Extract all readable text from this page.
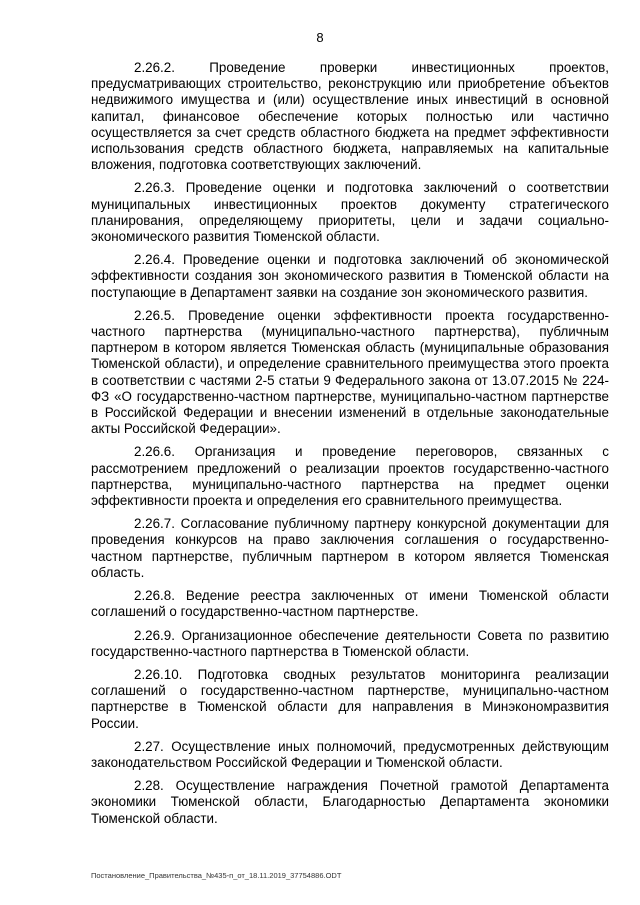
8

2.26.2. Проведение проверки инвестиционных проектов, предусматривающих строительство, реконструкцию или приобретение объектов недвижимого имущества и (или) осуществление иных инвестиций в основной капитал, финансовое обеспечение которых полностью или частично осуществляется за счет средств областного бюджета на предмет эффективности использования средств областного бюджета, направляемых на капитальные вложения, подготовка соответствующих заключений.

2.26.3. Проведение оценки и подготовка заключений о соответствии муниципальных инвестиционных проектов документу стратегического планирования, определяющему приоритеты, цели и задачи социально-экономического развития Тюменской области.

2.26.4. Проведение оценки и подготовка заключений об экономической эффективности создания зон экономического развития в Тюменской области на поступающие в Департамент заявки на создание зон экономического развития.

2.26.5. Проведение оценки эффективности проекта государственно-частного партнерства (муниципально-частного партнерства), публичным партнером в котором является Тюменская область (муниципальные образования Тюменской области), и определение сравнительного преимущества этого проекта в соответствии с частями 2-5 статьи 9 Федерального закона от 13.07.2015 № 224-ФЗ «О государственно-частном партнерстве, муниципально-частном партнерстве в Российской Федерации и внесении изменений в отдельные законодательные акты Российской Федерации».

2.26.6. Организация и проведение переговоров, связанных с рассмотрением предложений о реализации проектов государственно-частного партнерства, муниципально-частного партнерства на предмет оценки эффективности проекта и определения его сравнительного преимущества.

2.26.7. Согласование публичному партнеру конкурсной документации для проведения конкурсов на право заключения соглашения о государственно-частном партнерстве, публичным партнером в котором является Тюменская область.

2.26.8. Ведение реестра заключенных от имени Тюменской области соглашений о государственно-частном партнерстве.

2.26.9. Организационное обеспечение деятельности Совета по развитию государственно-частного партнерства в Тюменской области.

2.26.10. Подготовка сводных результатов мониторинга реализации соглашений о государственно-частном партнерстве, муниципально-частном партнерстве в Тюменской области для направления в Минэкономразвития России.

2.27. Осуществление иных полномочий, предусмотренных действующим законодательством Российской Федерации и Тюменской области.

2.28. Осуществление награждения Почетной грамотой Департамента экономики Тюменской области, Благодарностью Департамента экономики Тюменской области.

Постановление_Правительства_№435-п_от_18.11.2019_37754886.ODT
